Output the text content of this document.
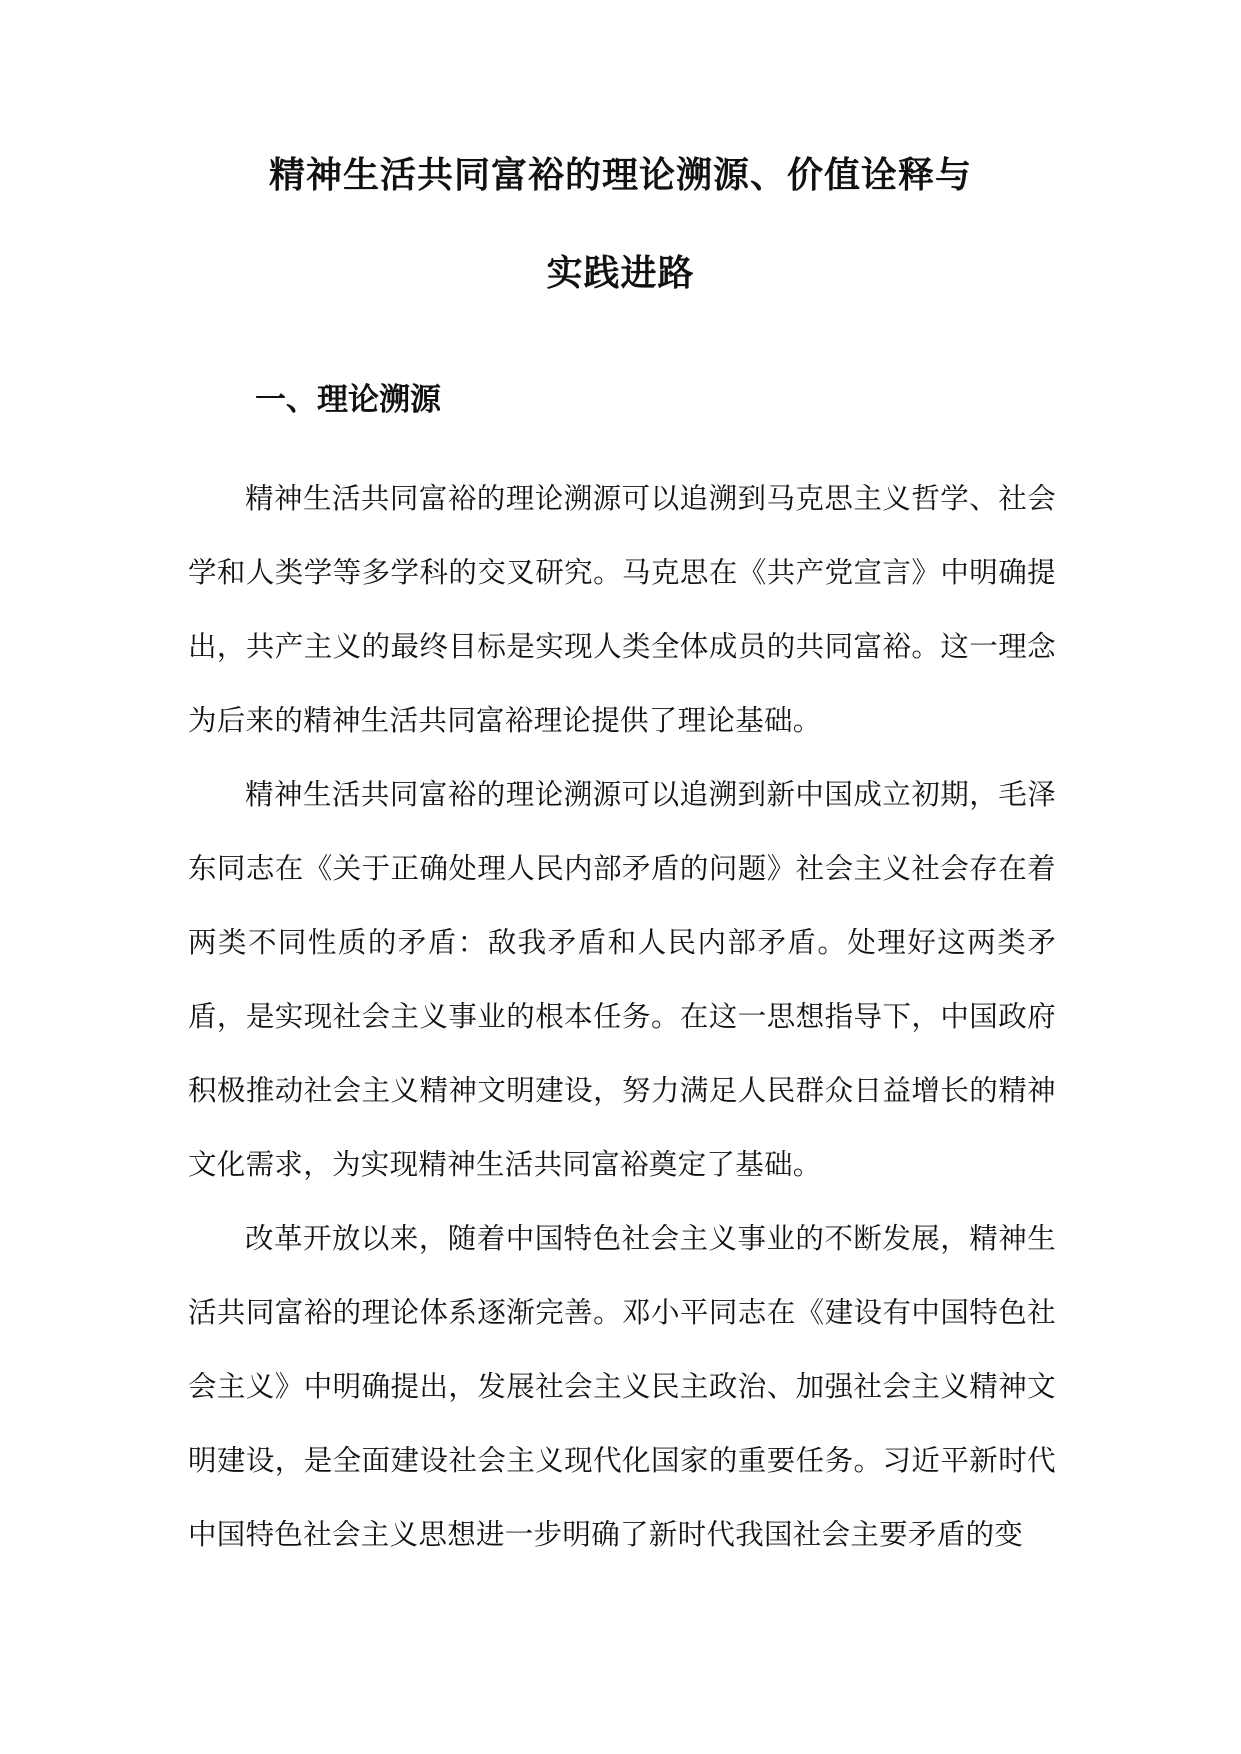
精神生活共同富裕的理论溯源、价值诠释与
实践进路
一、理论溯源

精神生活共同富裕的理论溯源可以追溯到马克思主义哲学、社会学和人类学等多学科的交叉研究。马克思在《共产党宣言》中明确提出，共产主义的最终目标是实现人类全体成员的共同富裕。这一理念为后来的精神生活共同富裕理论提供了理论基础。

精神生活共同富裕的理论溯源可以追溯到新中国成立初期，毛泽东同志在《关于正确处理人民内部矛盾的问题》社会主义社会存在着两类不同性质的矛盾：敌我矛盾和人民内部矛盾。处理好这两类矛盾，是实现社会主义事业的根本任务。在这一思想指导下，中国政府积极推动社会主义精神文明建设，努力满足人民群众日益增长的精神文化需求，为实现精神生活共同富裕奠定了基础。

改革开放以来，随着中国特色社会主义事业的不断发展，精神生活共同富裕的理论体系逐渐完善。邓小平同志在《建设有中国特色社会主义》中明确提出，发展社会主义民主政治、加强社会主义精神文明建设，是全面建设社会主义现代化国家的重要任务。习近平新时代中国特色社会主义思想进一步明确了新时代我国社会主要矛盾的变
